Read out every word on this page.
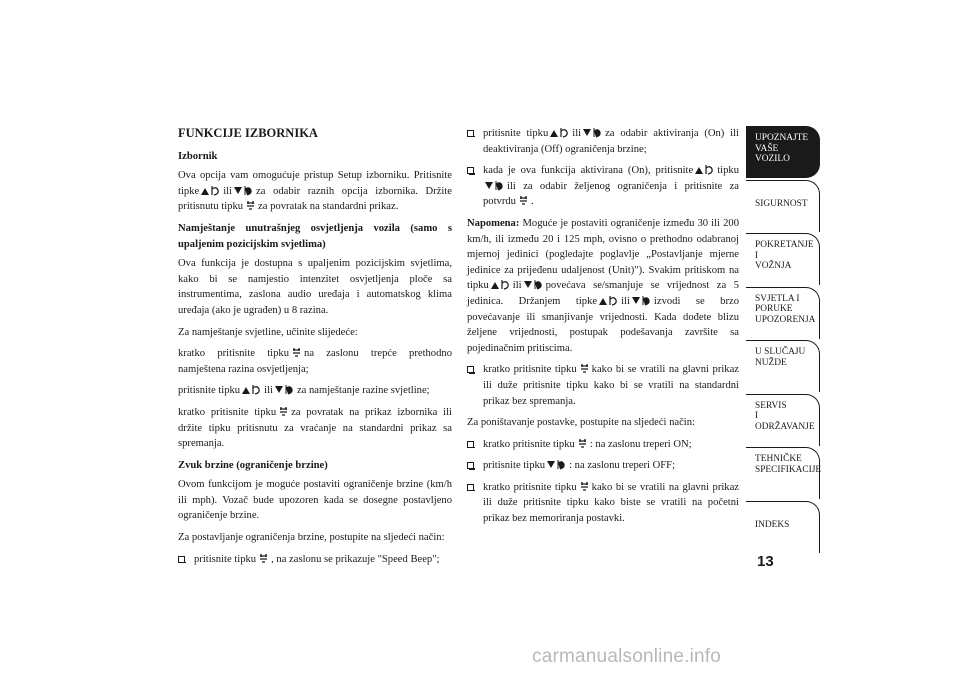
FUNKCIJE IZBORNIKA

Izbornik

Ova opcija vam omogućuje pristup Setup izborniku. Pritisnite tipke ili za odabir raznih opcija izbornika. Držite pritisnutu tipku za povratak na standardni prikaz.

Namještanje unutrašnjeg osvjetljenja vozila (samo s upaljenim pozicijskim svjetlima)

Ova funkcija je dostupna s upaljenim pozicijskim svjetlima, kako bi se namjestio intenzitet osvjetljenja ploče sa instrumentima, zaslona audio uređaja i automatskog klima uređaja (ako je ugrađen) u 8 razina.

Za namještanje svjetline, učinite slijedeće:

kratko pritisnite tipku na zaslonu trepće prethodno namještena razina osvjetljenja;

pritisnite tipku ili za namještanje razine svjetline;

kratko pritisnite tipku za povratak na prikaz izbornika ili držite tipku pritisnutu za vraćanje na standardni prikaz sa spremanja.

Zvuk brzine (ograničenje brzine)

Ovom funkcijom je moguće postaviti ograničenje brzine (km/h ili mph). Vozač bude upozoren kada se dosegne postavljeno ograničenje brzine.

Za postavljanje ograničenja brzine, postupite na sljedeći način:

pritisnite tipku , na zaslonu se prikazuje "Speed Beep";
pritisnite tipku ili za odabir aktiviranja (On) ili deaktiviranja (Off) ograničenja brzine;
kada je ova funkcija aktivirana (On), pritisnite tipku
ili za odabir željenog ograničenja i pritisnite za potvrdu .

Napomena: Moguće je postaviti ograničenje između 30 ili 200 km/h, ili između 20 i 125 mph, ovisno o prethodno odabranoj mjernoj jedinici (pogledajte poglavlje „Postavljanje mjerne jedinice za prijeđenu udaljenost (Unit)"). Svakim pritiskom na tipku ili povećava se/smanjuje se vrijednost za 5 jedinica. Držanjem tipke ili izvodi se brzo povećavanje ili smanjivanje vrijednosti. Kada dođete blizu željene vrijednosti, postupak podešavanja završite sa pojedinačnim pritiscima.

kratko pritisnite tipku kako bi se vratili na glavni prikaz ili duže pritisnite tipku kako bi se vratili na standardni prikaz bez spremanja.

Za poništavanje postavke, postupite na sljedeći način:

kratko pritisnite tipku : na zaslonu treperi ON;
pritisnite tipku : na zaslonu treperi OFF;
kratko pritisnite tipku kako bi se vratili na glavni prikaz ili duže pritisnite tipku kako biste se vratili na početni prikaz bez memoriranja postavki.
UPOZNAJTE
VAŠE
VOZILO
SIGURNOST
POKRETANJE
I
VOŽNJA
SVJETLA I
PORUKE
UPOZORENJA
U SLUČAJU
NUŽDE
SERVIS
I
ODRŽAVANJE
TEHNIČKE
SPECIFIKACIJE
INDEKS
13
carmanualsonline.info
